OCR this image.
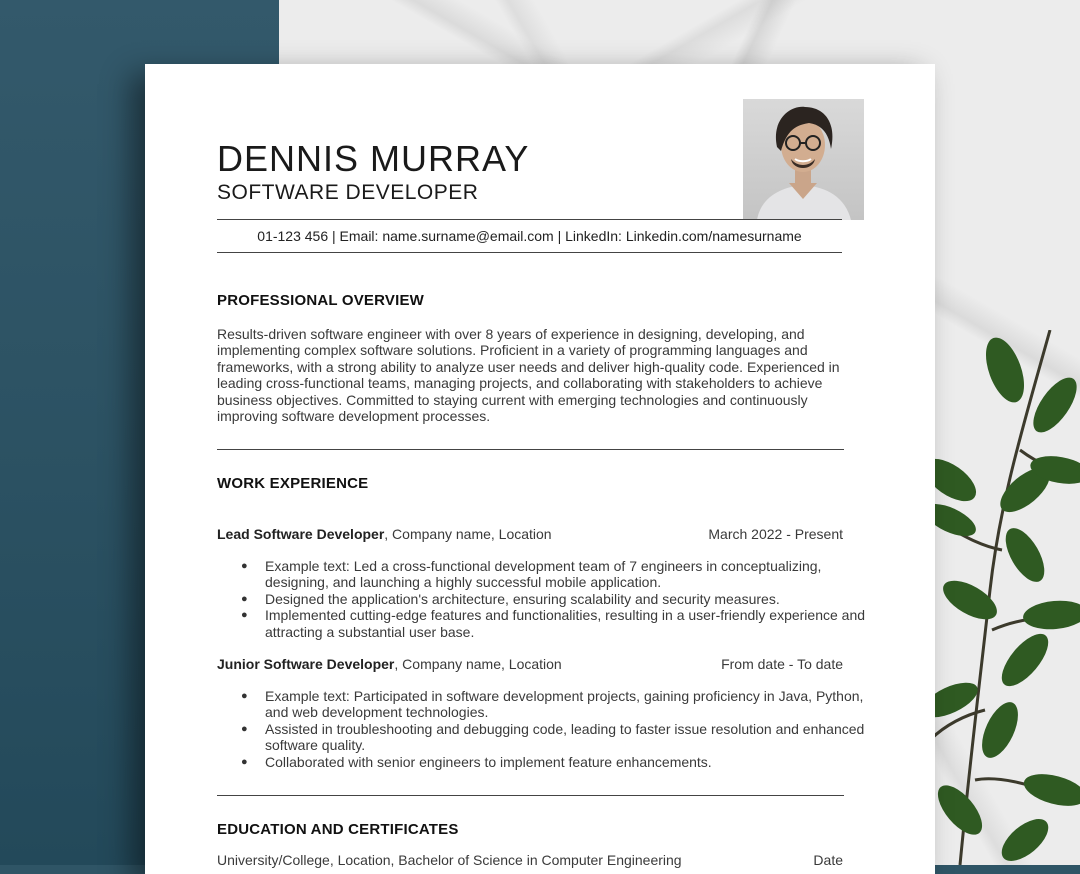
DENNIS MURRAY
SOFTWARE DEVELOPER
01-123 456 | Email: name.surname@email.com | LinkedIn: Linkedin.com/namesurname
PROFESSIONAL OVERVIEW
Results-driven software engineer with over 8 years of experience in designing, developing, and implementing complex software solutions. Proficient in a variety of programming languages and frameworks, with a strong ability to analyze user needs and deliver high-quality code. Experienced in leading cross-functional teams, managing projects, and collaborating with stakeholders to achieve business objectives. Committed to staying current with emerging technologies and continuously improving software development processes.
WORK EXPERIENCE
Lead Software Developer, Company name, Location	March 2022 - Present
● Example text: Led a cross-functional development team of 7 engineers in conceptualizing, designing, and launching a highly successful mobile application.
● Designed the application's architecture, ensuring scalability and security measures.
● Implemented cutting-edge features and functionalities, resulting in a user-friendly experience and attracting a substantial user base.
Junior Software Developer, Company name, Location	From date - To date
● Example text: Participated in software development projects, gaining proficiency in Java, Python, and web development technologies.
● Assisted in troubleshooting and debugging code, leading to faster issue resolution and enhanced software quality.
● Collaborated with senior engineers to implement feature enhancements.
EDUCATION AND CERTIFICATES
University/College, Location, Bachelor of Science in Computer Engineering	Date
